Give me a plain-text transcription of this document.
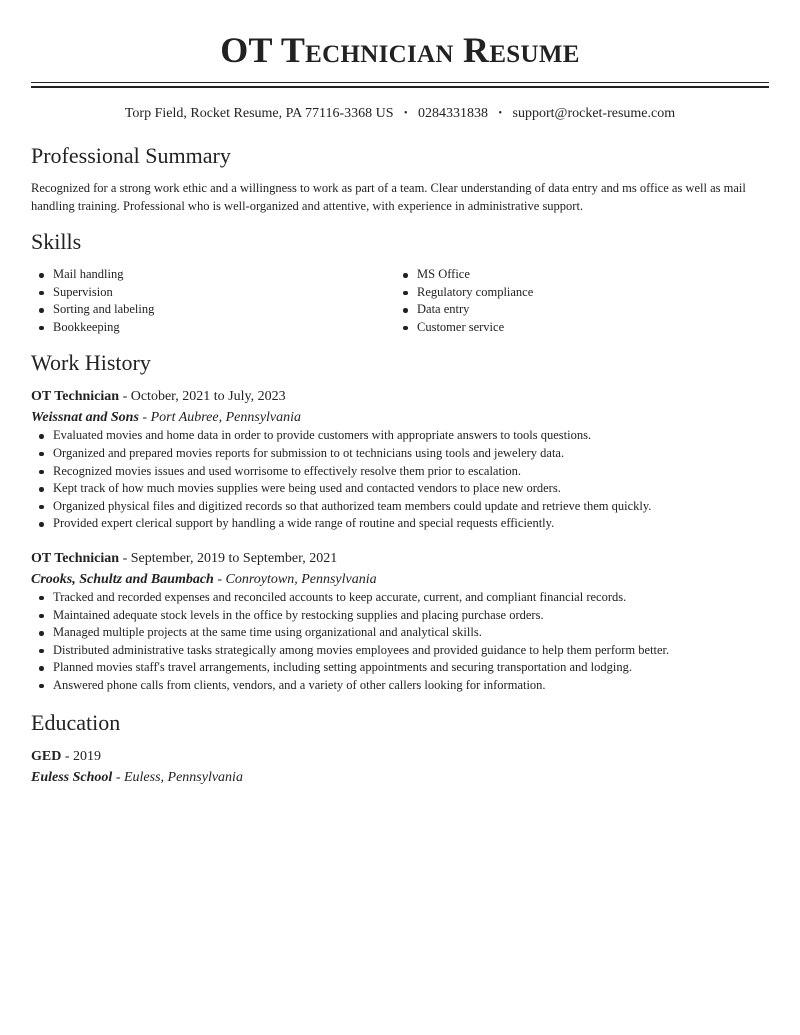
OT Technician Resume
Torp Field, Rocket Resume, PA 77116-3368 US • 0284331838 • support@rocket-resume.com
Professional Summary

Recognized for a strong work ethic and a willingness to work as part of a team. Clear understanding of data entry and ms office as well as mail handling training. Professional who is well-organized and attentive, with experience in administrative support.

Skills
Mail handling
Supervision
Sorting and labeling
Bookkeeping
MS Office
Regulatory compliance
Data entry
Customer service
Work History
OT Technician - October, 2021 to July, 2023
Weissnat and Sons - Port Aubree, Pennsylvania
Evaluated movies and home data in order to provide customers with appropriate answers to tools questions.
Organized and prepared movies reports for submission to ot technicians using tools and jewelery data.
Recognized movies issues and used worrisome to effectively resolve them prior to escalation.
Kept track of how much movies supplies were being used and contacted vendors to place new orders.
Organized physical files and digitized records so that authorized team members could update and retrieve them quickly.
Provided expert clerical support by handling a wide range of routine and special requests efficiently.
OT Technician - September, 2019 to September, 2021
Crooks, Schultz and Baumbach - Conroytown, Pennsylvania
Tracked and recorded expenses and reconciled accounts to keep accurate, current, and compliant financial records.
Maintained adequate stock levels in the office by restocking supplies and placing purchase orders.
Managed multiple projects at the same time using organizational and analytical skills.
Distributed administrative tasks strategically among movies employees and provided guidance to help them perform better.
Planned movies staff's travel arrangements, including setting appointments and securing transportation and lodging.
Answered phone calls from clients, vendors, and a variety of other callers looking for information.
Education
GED - 2019
Euless School - Euless, Pennsylvania
